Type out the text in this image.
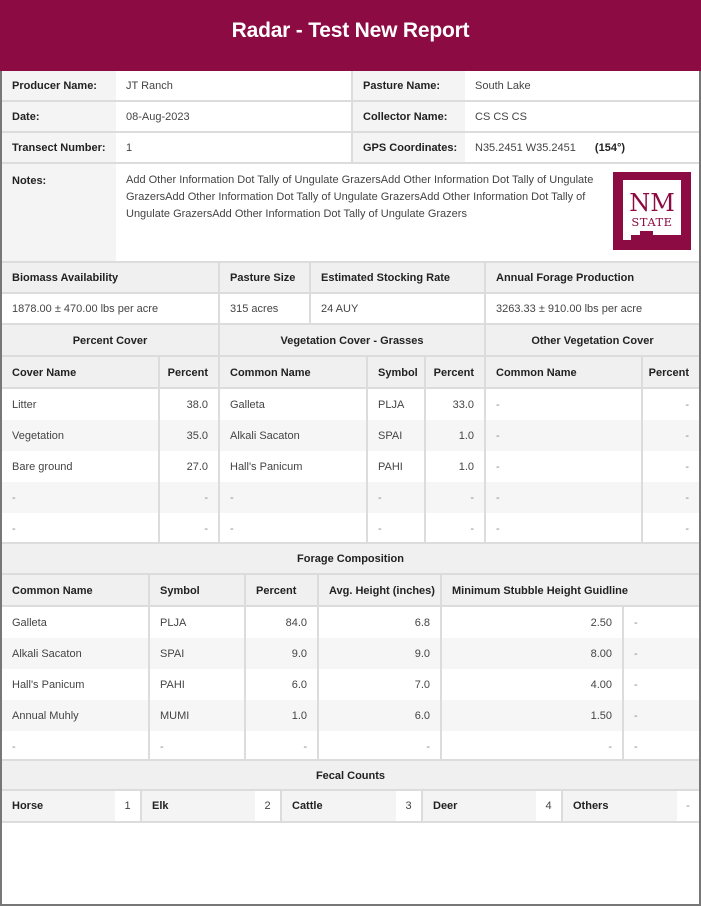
Radar - Test New Report
Producer Name:	JT Ranch	Pasture Name:	South Lake
Date:	08-Aug-2023	Collector Name:	CS CS CS
Transect Number:	1	GPS Coordinates:	N35.2451 W35.2451 (154°)
Notes:	Add Other Information Dot Tally of Ungulate GrazersAdd Other Information Dot Tally of Ungulate GrazersAdd Other Information Dot Tally of Ungulate GrazersAdd Other Information Dot Tally of Ungulate GrazersAdd Other Information Dot Tally of Ungulate Grazers	NM
STATE
Biomass Availability	Pasture Size	Estimated Stocking Rate	Annual Forage Production
1878.00 ± 470.00 lbs per acre	315 acres	24 AUY	3263.33 ± 910.00 lbs per acre
Percent Cover	Vegetation Cover - Grasses	Other Vegetation Cover
Cover Name	Percent	Common Name	Symbol	Percent	Common Name	Percent
Litter	38.0	Galleta	PLJA	33.0	-	-
Vegetation	35.0	Alkali Sacaton	SPAI	1.0	-	-
Bare ground	27.0	Hall's Panicum	PAHI	1.0	-	-
-	-	-	-	-	-	-
-	-	-	-	-	-	-
Forage Composition
Common Name	Symbol	Percent	Avg. Height (inches)	Minimum Stubble Height Guidline
Galleta	PLJA	84.0	6.8	2.50	-
Alkali Sacaton	SPAI	9.0	9.0	8.00	-
Hall's Panicum	PAHI	6.0	7.0	4.00	-
Annual Muhly	MUMI	1.0	6.0	1.50	-
-	-	-	-	-	-
Fecal Counts
Horse	1	Elk	2	Cattle	3	Deer	4	Others	-
